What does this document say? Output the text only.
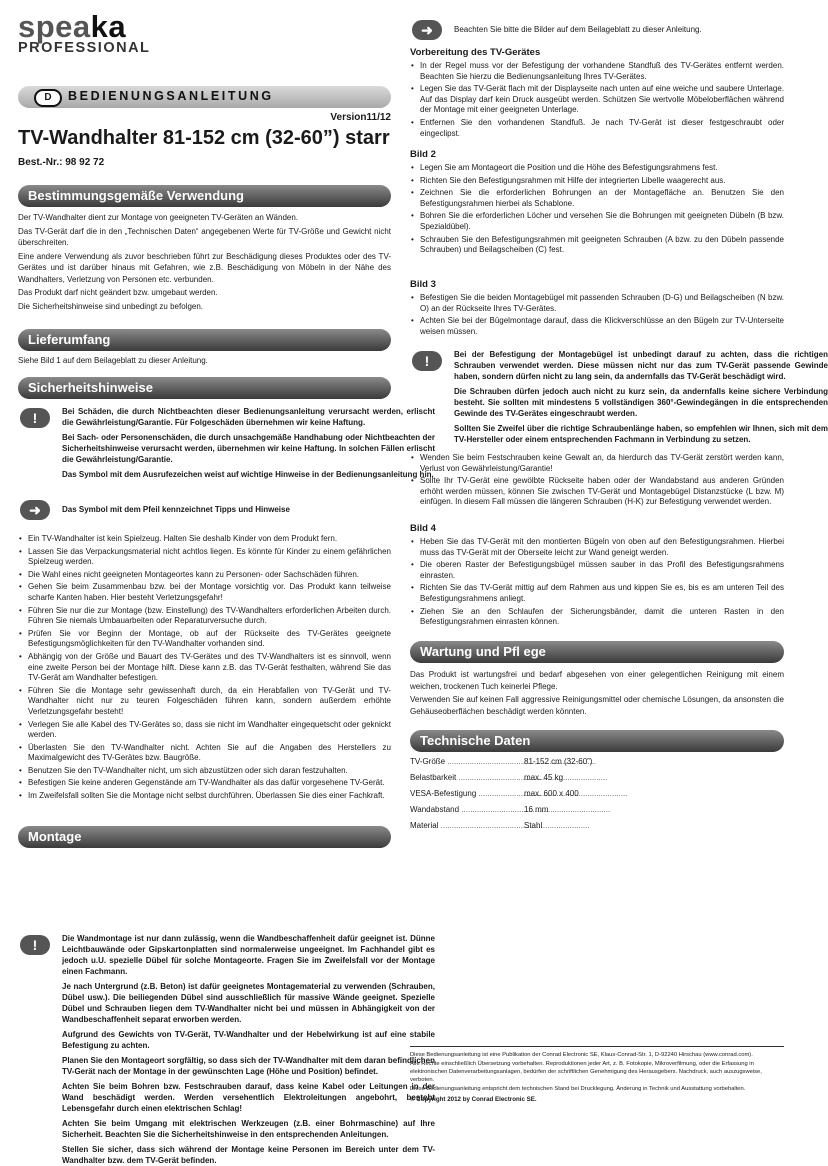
speaka
PROFESSIONAL
D	BEDIENUNGSANLEITUNG
Version11/12
TV-Wandhalter 81-152 cm (32-60”) starr
Best.-Nr.: 98 92 72
Bestimmungsgemäße Verwendung

Der TV-Wandhalter dient zur Montage von geeigneten TV-Geräten an Wänden.

Das TV-Gerät darf die in den „Technischen Daten“ angegebenen Werte für TV-Größe und Gewicht nicht überschreiten.

Eine andere Verwendung als zuvor beschrieben führt zur Beschädigung dieses Produktes oder des TV-Gerätes und ist darüber hinaus mit Gefahren, wie z.B. Beschädigung von Möbeln in der Nähe des Wandhalters, Verletzung von Personen etc. verbunden.

Das Produkt darf nicht geändert bzw. umgebaut werden.

Die Sicherheitshinweise sind unbedingt zu befolgen.

Lieferumfang

Siehe Bild 1 auf dem Beilageblatt zu dieser Anleitung.

Sicherheitshinweise
!	Bei Schäden, die durch Nichtbeachten dieser Bedienungsanleitung verursacht werden, erlischt die Gewährleistung/Garantie. Für Folgeschäden übernehmen wir keine Haftung.

Bei Sach- oder Personenschäden, die durch unsachgemäße Handhabung oder Nichtbeachten der Sicherheitshinweise verursacht werden, übernehmen wir keine Haftung. In solchen Fällen erlischt die Gewährleistung/Garantie.

Das Symbol mit dem Ausrufezeichen weist auf wichtige Hinweise in der Bedienungsanleitung hin.

➜	Das Symbol mit dem Pfeil kennzeichnet Tipps und Hinweise

• Ein TV-Wandhalter ist kein Spielzeug. Halten Sie deshalb Kinder von dem Produkt fern.
• Lassen Sie das Verpackungsmaterial nicht achtlos liegen. Es könnte für Kinder zu einem gefährlichen Spielzeug werden.
• Die Wahl eines nicht geeigneten Montageortes kann zu Personen- oder Sachschäden führen.
• Gehen Sie beim Zusammenbau bzw. bei der Montage vorsichtig vor. Das Produkt kann teilweise scharfe Kanten haben. Hier besteht Verletzungsgefahr!
• Führen Sie nur die zur Montage (bzw. Einstellung) des TV-Wandhalters erforderlichen Arbeiten durch. Führen Sie niemals Umbauarbeiten oder Reparaturversuche durch.
• Prüfen Sie vor Beginn der Montage, ob auf der Rückseite des TV-Gerätes geeignete Befestigungsmöglichkeiten für den TV-Wandhalter vorhanden sind.
• Abhängig von der Größe und Bauart des TV-Gerätes und des TV-Wandhalters ist es sinnvoll, wenn eine zweite Person bei der Montage hilft. Diese kann z.B. das TV-Gerät festhalten, während Sie das TV-Gerät am Wandhalter befestigen.
• Führen Sie die Montage sehr gewissenhaft durch, da ein Herabfallen von TV-Gerät und TV-Wandhalter nicht nur zu teuren Folgeschäden führen kann, sondern außerdem erhöhte Verletzungsgefahr besteht!
• Verlegen Sie alle Kabel des TV-Gerätes so, dass sie nicht im Wandhalter eingequetscht oder geknickt werden.
• Überlasten Sie den TV-Wandhalter nicht. Achten Sie auf die Angaben des Herstellers zu Maximalgewicht des TV-Gerätes bzw. Baugröße.
• Benutzen Sie den TV-Wandhalter nicht, um sich abzustützen oder sich daran festzuhalten.
• Befestigen Sie keine anderen Gegenstände am TV-Wandhalter als das dafür vorgesehene TV-Gerät.
• Im Zweifelsfall sollten Sie die Montage nicht selbst durchführen. Überlassen Sie dies einer Fachkraft.
Montage
!	Die Wandmontage ist nur dann zulässig, wenn die Wandbeschaffenheit dafür geeignet ist. Dünne Leichtbauwände oder Gipskartonplatten sind normalerweise ungeeignet. Im Fachhandel gibt es jedoch u.U. spezielle Dübel für solche Montageorte. Fragen Sie im Zweifelsfall vor der Montage einen Fachmann.

Je nach Untergrund (z.B. Beton) ist dafür geeignetes Montagematerial zu verwenden (Schrauben, Dübel usw.). Die beiliegenden Dübel sind ausschließlich für massive Wände geeignet. Spezielle Dübel und Schrauben liegen dem TV-Wandhalter nicht bei und müssen in Abhängigkeit von der Wandbeschaffenheit separat erworben werden.

Aufgrund des Gewichts von TV-Gerät, TV-Wandhalter und der Hebelwirkung ist auf eine stabile Befestigung zu achten.

Planen Sie den Montageort sorgfältig, so dass sich der TV-Wandhalter mit dem daran befindlichen TV-Gerät nach der Montage in der gewünschten Lage (Höhe und Position) befindet.

Achten Sie beim Bohren bzw. Festschrauben darauf, dass keine Kabel oder Leitungen in der Wand beschädigt werden. Werden versehentlich Elektroleitungen angebohrt, besteht Lebensgefahr durch einen elektrischen Schlag!

Achten Sie beim Umgang mit elektrischen Werkzeugen (z.B. einer Bohrmaschine) auf Ihre Sicherheit. Beachten Sie die Sicherheitshinweise in den entsprechenden Anleitungen.

Stellen Sie sicher, dass sich während der Montage keine Personen im Bereich unter dem TV-Wandhalter bzw. dem TV-Gerät befinden.

➜	Beachten Sie bitte die Bilder auf dem Beilageblatt zu dieser Anleitung.

Vorbereitung des TV-Gerätes

• In der Regel muss vor der Befestigung der vorhandene Standfuß des TV-Gerätes entfernt werden. Beachten Sie hierzu die Bedienungsanleitung Ihres TV-Gerätes.
• Legen Sie das TV-Gerät flach mit der Displayseite nach unten auf eine weiche und saubere Unterlage. Auf das Display darf kein Druck ausgeübt werden. Schützen Sie wertvolle Möbeloberflächen während der Montage mit einer geeigneten Unterlage.
• Entfernen Sie den vorhandenen Standfuß. Je nach TV-Gerät ist dieser festgeschraubt oder eingeclipst.

Bild 2

• Legen Sie am Montageort die Position und die Höhe des Befestigungsrahmens fest.
• Richten Sie den Befestigungsrahmen mit Hilfe der integrierten Libelle waagerecht aus.
• Zeichnen Sie die erforderlichen Bohrungen an der Montagefläche an. Benutzen Sie den Befestigungsrahmen hierbei als Schablone.
• Bohren Sie die erforderlichen Löcher und versehen Sie die Bohrungen mit geeigneten Dübeln (B bzw. Spezialdübel).
• Schrauben Sie den Befestigungsrahmen mit geeigneten Schrauben (A bzw. zu den Dübeln passende Schrauben) und Beilagscheiben (C) fest.

Bild 3

• Befestigen Sie die beiden Montagebügel mit passenden Schrauben (D-G) und Beilagscheiben (N bzw. O) an der Rückseite Ihres TV-Gerätes.
• Achten Sie bei der Bügelmontage darauf, dass die Klickverschlüsse an den Bügeln zur TV-Unterseite weisen müssen.
!	Bei der Befestigung der Montagebügel ist unbedingt darauf zu achten, dass die richtigen Schrauben verwendet werden. Diese müssen nicht nur das zum TV-Gerät passende Gewinde haben, sondern dürfen nicht zu lang sein, da andernfalls das TV-Gerät beschädigt wird.

Die Schrauben dürfen jedoch auch nicht zu kurz sein, da andernfalls keine sichere Verbindung besteht. Sie sollten mit mindestens 5 vollständigen 360°-Gewindegängen in die entsprechenden Gewinde des TV-Gerätes eingeschraubt werden.

Sollten Sie Zweifel über die richtige Schraubenlänge haben, so empfehlen wir Ihnen, sich mit dem TV-Hersteller oder einem entsprechenden Fachmann in Verbindung zu setzen.

• Wenden Sie beim Festschrauben keine Gewalt an, da hierdurch das TV-Gerät zerstört werden kann, Verlust von Gewährleistung/Garantie!
• Sollte Ihr TV-Gerät eine gewölbte Rückseite haben oder der Wandabstand aus anderen Gründen erhöht werden müssen, können Sie zwischen TV-Gerät und Montagebügel Distanzstücke (L bzw. M) einfügen. In diesem Fall müssen die längeren Schrauben (H-K) zur Befestigung verwendet werden.

Bild 4

• Heben Sie das TV-Gerät mit den montierten Bügeln von oben auf den Befestigungsrahmen. Hierbei muss das TV-Gerät mit der Oberseite leicht zur Wand geneigt werden.
• Die oberen Raster der Befestigungsbügel müssen sauber in das Profil des Befestigungsrahmens einrasten.
• Richten Sie das TV-Gerät mittig auf dem Rahmen aus und kippen Sie es, bis es am unteren Teil des Befestigungsrahmens anliegt.
• Ziehen Sie an den Schlaufen der Sicherungsbänder, damit die unteren Rasten in den Befestigungsrahmen einrasten können.
Wartung und Pfl ege

Das Produkt ist wartungsfrei und bedarf abgesehen von einer gelegentlichen Reinigung mit einem weichen, trockenen Tuch keinerlei Pflege.

Verwenden Sie auf keinen Fall aggressive Reinigungsmittel oder chemische Lösungen, da ansonsten die Gehäuseoberflächen beschädigt werden könnten.

Technische Daten
TV-Größe .....	81-152 cm (32-60”)
Belastbarkeit .....	max. 45 kg
VESA-Befestigung .....	max. 600 x 400
Wandabstand .....	16 mm
Material .....	Stahl

Diese Bedienungsanleitung ist eine Publikation der Conrad Electronic SE, Klaus-Conrad-Str. 1, D-92240 Hirschau (www.conrad.com).

Alle Rechte einschließlich Übersetzung vorbehalten. Reproduktionen jeder Art, z. B. Fotokopie, Mikroverfilmung, oder die Erfassung in elektronischen Datenverarbeitungsanlagen, bedürfen der schriftlichen Genehmigung des Herausgebers. Nachdruck, auch auszugsweise, verboten.

Diese Bedienungsanleitung entspricht dem technischen Stand bei Drucklegung. Änderung in Technik und Ausstattung vorbehalten.

© Copyright 2012 by Conrad Electronic SE.
